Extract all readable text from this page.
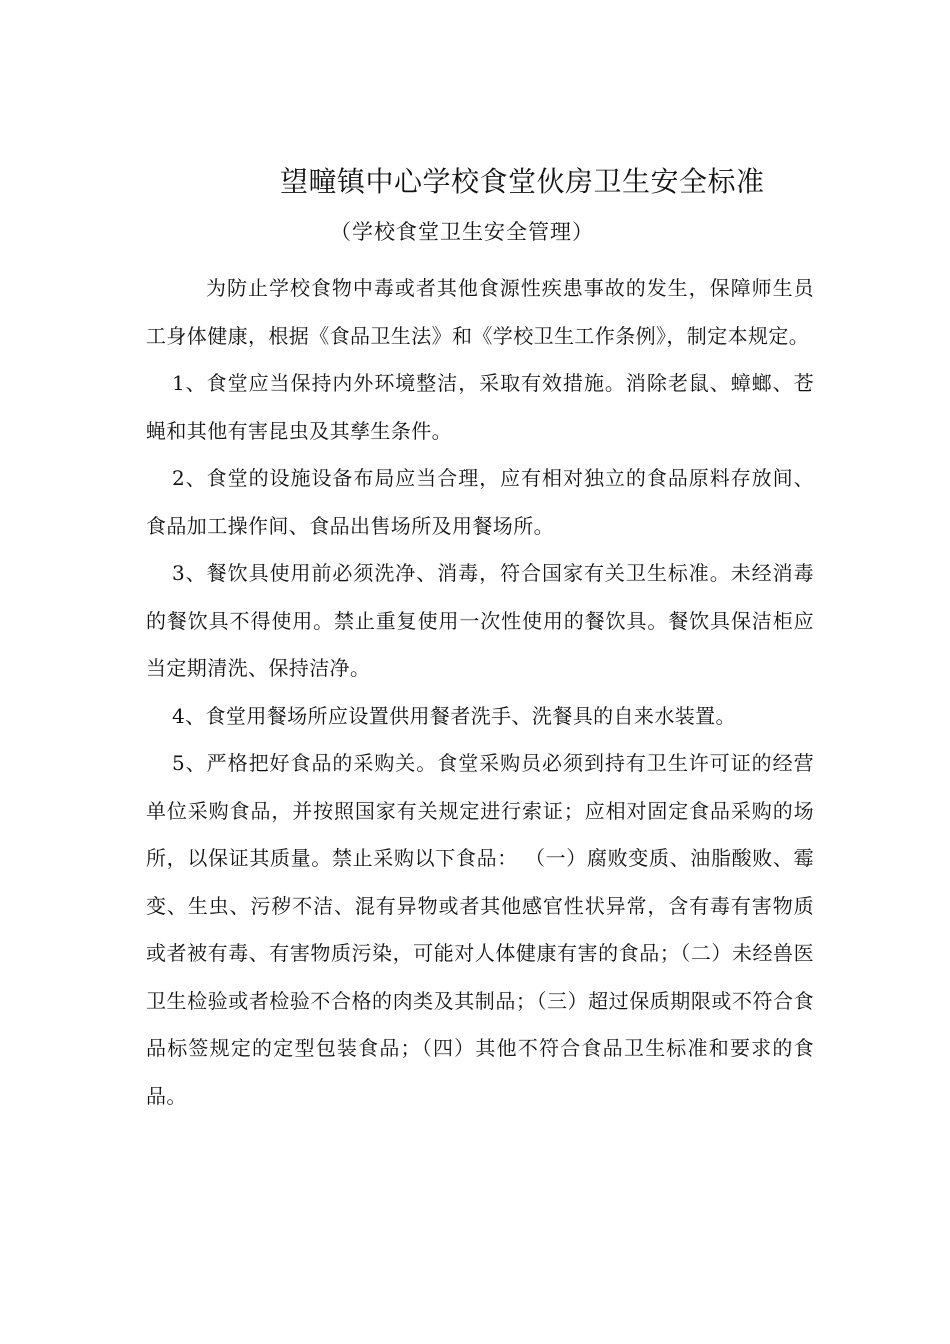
望疃镇中心学校食堂伙房卫生安全标准
（学校食堂卫生安全管理）

为防止学校食物中毒或者其他食源性疾患事故的发生，保障师生员工身体健康，根据《食品卫生法》和《学校卫生工作条例》，制定本规定。

1、食堂应当保持内外环境整洁，采取有效措施。消除老鼠、蟑螂、苍蝇和其他有害昆虫及其孳生条件。

2、食堂的设施设备布局应当合理，应有相对独立的食品原料存放间、食品加工操作间、食品出售场所及用餐场所。

3、餐饮具使用前必须洗净、消毒，符合国家有关卫生标准。未经消毒的餐饮具不得使用。禁止重复使用一次性使用的餐饮具。餐饮具保洁柜应当定期清洗、保持洁净。

4、食堂用餐场所应设置供用餐者洗手、洗餐具的自来水装置。

5、严格把好食品的采购关。食堂采购员必须到持有卫生许可证的经营单位采购食品，并按照国家有关规定进行索证；应相对固定食品采购的场所，以保证其质量。禁止采购以下食品： （一）腐败变质、油脂酸败、霉变、生虫、污秽不洁、混有异物或者其他感官性状异常，含有毒有害物质或者被有毒、有害物质污染，可能对人体健康有害的食品；（二）未经兽医卫生检验或者检验不合格的肉类及其制品；（三）超过保质期限或不符合食品标签规定的定型包装食品；（四）其他不符合食品卫生标准和要求的食品。
